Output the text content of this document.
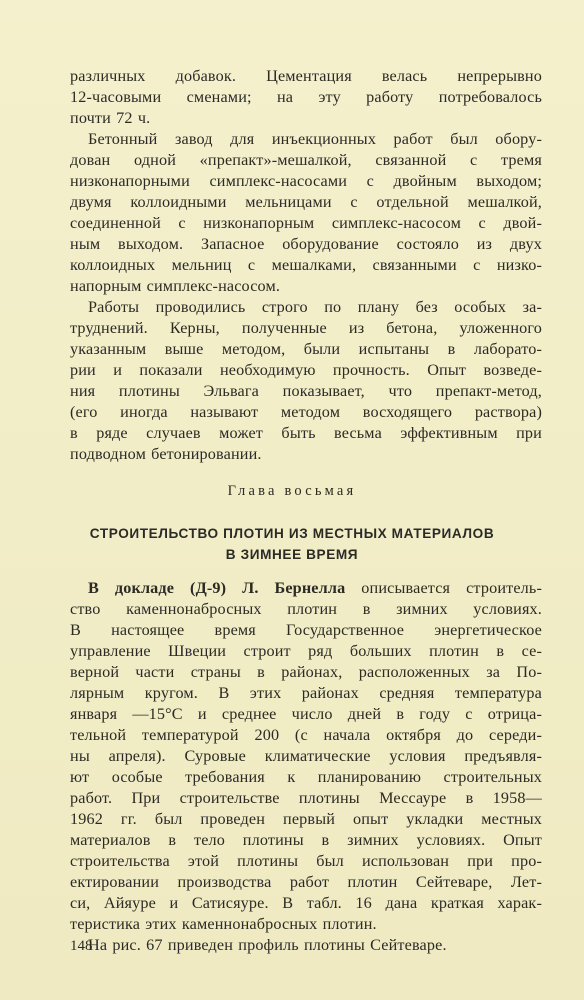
различных добавок. Цементация велась непрерывно
12-часовыми сменами; на эту работу потребовалось
почти 72 ч.
Бетонный завод для инъекционных работ был обору-
дован одной «препакт»-мешалкой, связанной с тремя
низконапорными симплекс-насосами с двойным выходом;
двумя коллоидными мельницами с отдельной мешалкой,
соединенной с низконапорным симплекс-насосом с двой-
ным выходом. Запасное оборудование состояло из двух
коллоидных мельниц с мешалками, связанными с низко-
напорным симплекс-насосом.
Работы проводились строго по плану без особых за-
труднений. Керны, полученные из бетона, уложенного
указанным выше методом, были испытаны в лаборато-
рии и показали необходимую прочность. Опыт возведе-
ния плотины Эльвага показывает, что препакт-метод,
(его иногда называют методом восходящего раствора)
в ряде случаев может быть весьма эффективным при
подводном бетонировании.
Глава восьмая
СТРОИТЕЛЬСТВО ПЛОТИН ИЗ МЕСТНЫХ МАТЕРИАЛОВ
В ЗИМНЕЕ ВРЕМЯ
В докладе (Д-9) Л. Бернелла описывается строитель-
ство каменнонабросных плотин в зимних условиях.
В настоящее время Государственное энергетическое
управление Швеции строит ряд больших плотин в се-
верной части страны в районах, расположенных за По-
лярным кругом. В этих районах средняя температура
января —15°С и среднее число дней в году с отрица-
тельной температурой 200 (с начала октября до середи-
ны апреля). Суровые климатические условия предъявля-
ют особые требования к планированию строительных
работ. При строительстве плотины Мессауре в 1958—
1962 гг. был проведен первый опыт укладки местных
материалов в тело плотины в зимних условиях. Опыт
строительства этой плотины был использован при про-
ектировании производства работ плотин Сейтеваре, Лет-
си, Айяуре и Сатисяуре. В табл. 16 дана краткая харак-
теристика этих каменнонабросных плотин.
На рис. 67 приведен профиль плотины Сейтеваре.
148
